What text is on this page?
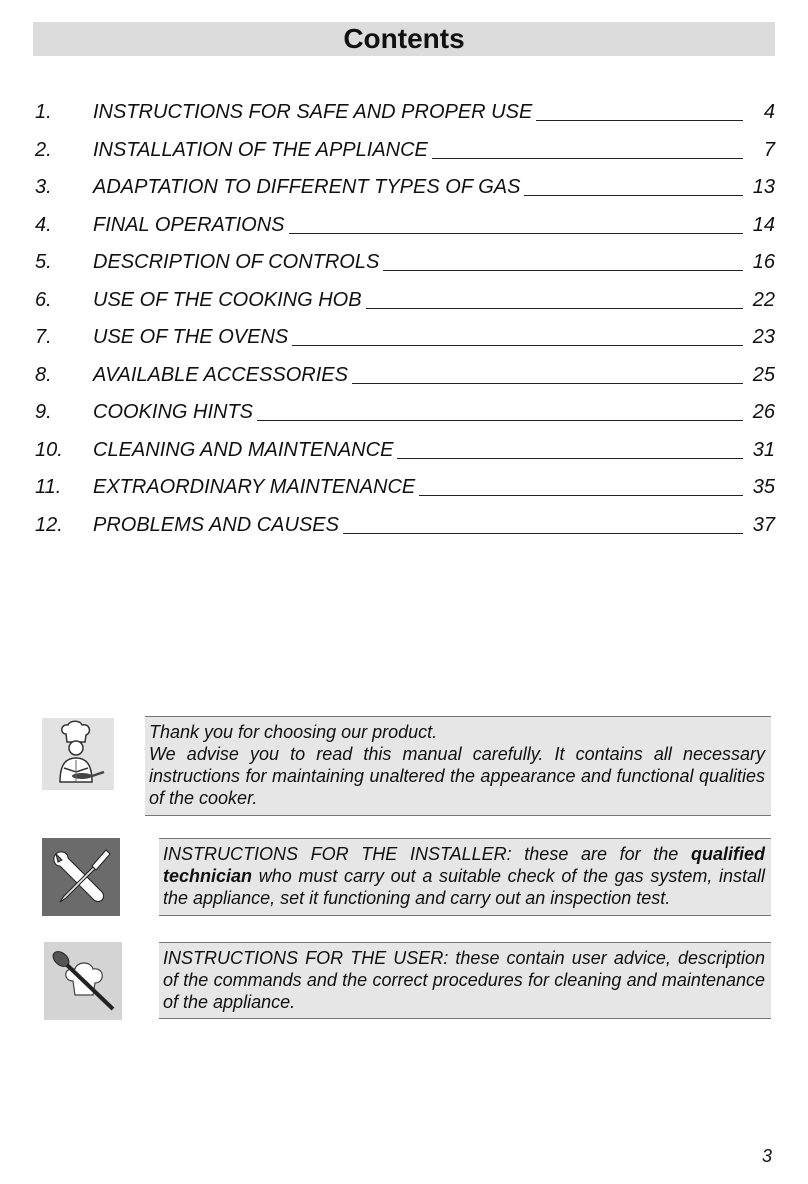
Contents
1.	INSTRUCTIONS FOR SAFE AND PROPER USE	4
2.	INSTALLATION OF THE APPLIANCE	7
3.	ADAPTATION TO DIFFERENT TYPES OF GAS	13
4.	FINAL OPERATIONS	14
5.	DESCRIPTION OF CONTROLS	16
6.	USE OF THE COOKING HOB	22
7.	USE OF THE OVENS	23
8.	AVAILABLE ACCESSORIES	25
9.	COOKING HINTS	26
10.	CLEANING AND MAINTENANCE	31
11.	EXTRAORDINARY MAINTENANCE	35
12.	PROBLEMS AND CAUSES	37

Thank you for choosing our product.

We advise you to read this manual carefully. It contains all necessary instructions for maintaining unaltered the appearance and functional qualities of the cooker.

INSTRUCTIONS FOR THE INSTALLER: these are for the qualified technician who must carry out a suitable check of the gas system, install the appliance, set it functioning and carry out an inspection test.

INSTRUCTIONS FOR THE USER: these contain user advice, description of the commands and the correct procedures for cleaning and maintenance of the appliance.

3
